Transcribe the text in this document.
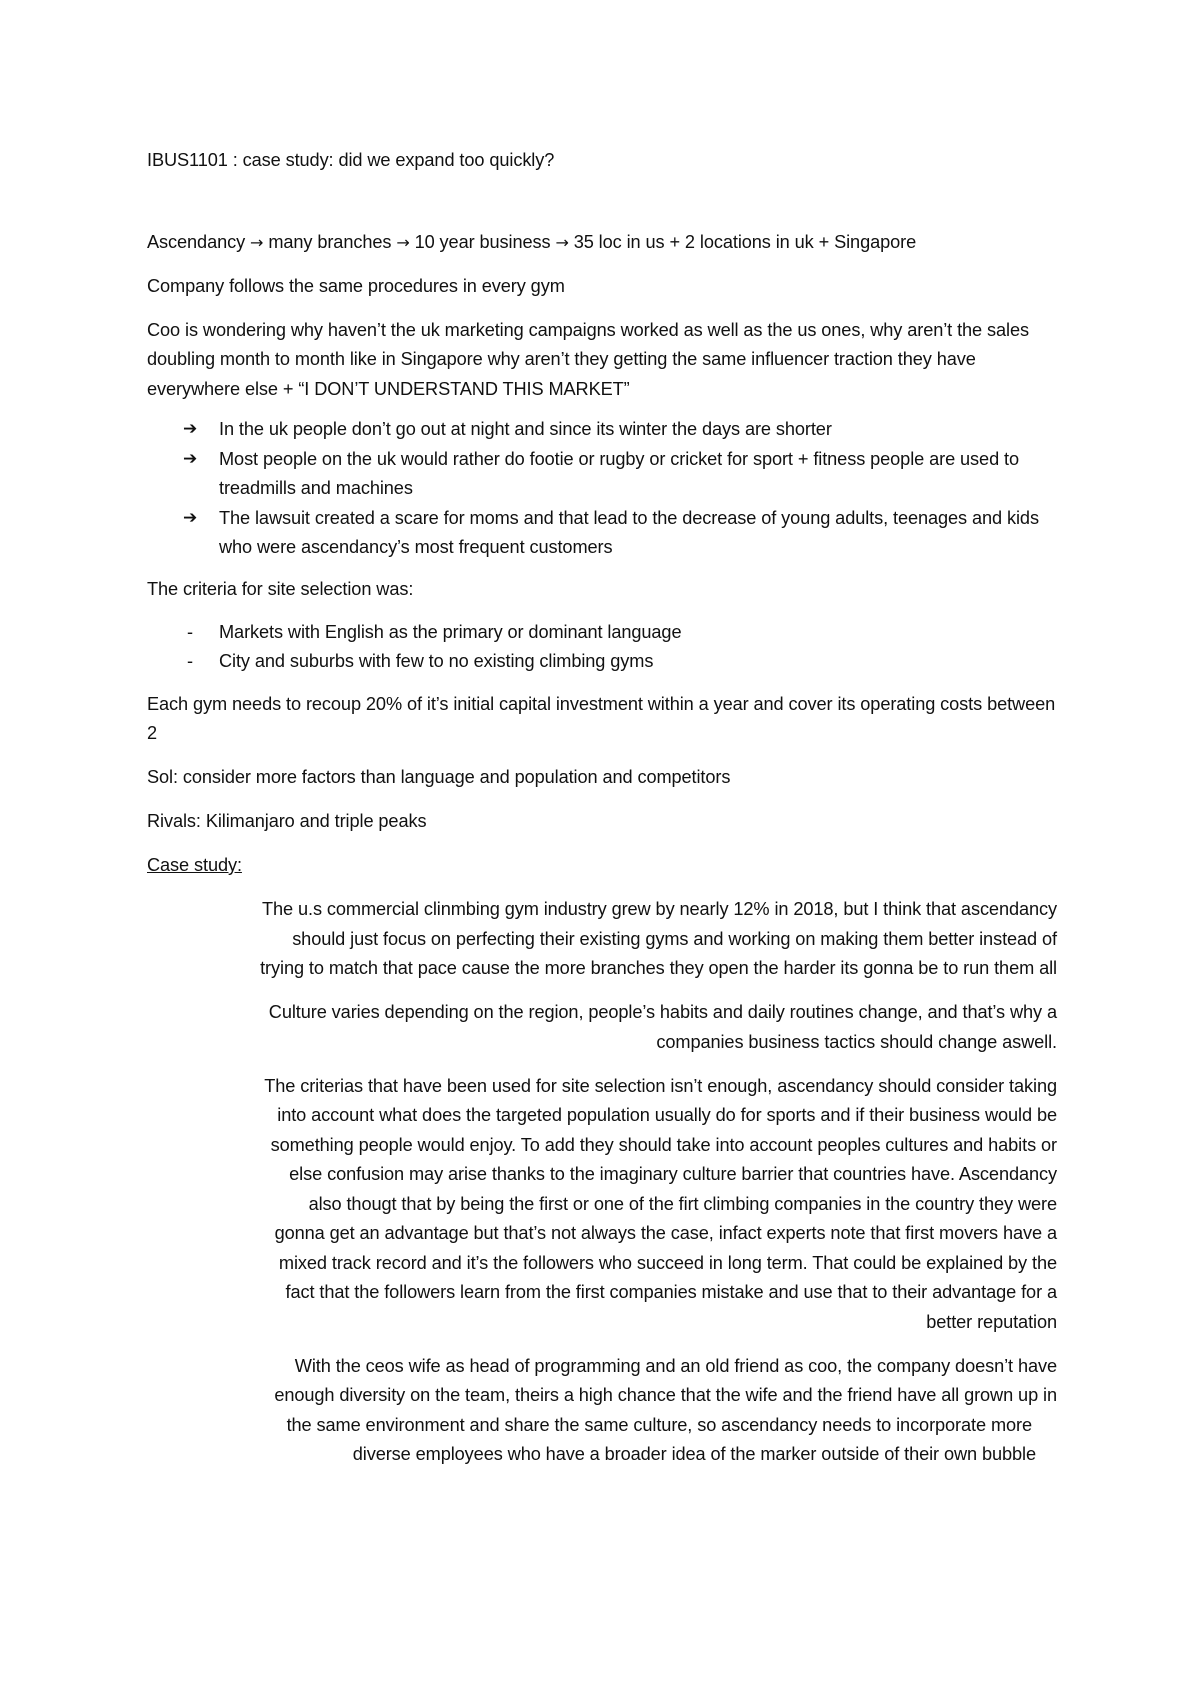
IBUS1101 : case study: did we expand too quickly?

Ascendancy → many branches → 10 year business → 35 loc in us + 2 locations in uk + Singapore

Company follows the same procedures in every gym

Coo is wondering why haven’t the uk marketing campaigns worked as well as the us ones, why aren’t the sales doubling month to month like in Singapore why aren’t they getting the same influencer traction they have everywhere else + “I DON’T UNDERSTAND THIS MARKET”

➔ In the uk people don’t go out at night and since its winter the days are shorter
➔ Most people on the uk would rather do footie or rugby or cricket for sport + fitness people are used to treadmills and machines
➔ The lawsuit created a scare for moms and that lead to the decrease of young adults, teenages and kids who were ascendancy’s most frequent customers

The criteria for site selection was:

- Markets with English as the primary or dominant language
- City and suburbs with few to no existing climbing gyms

Each gym needs to recoup 20% of it’s initial capital investment within a year and cover its operating costs between 2

Sol: consider more factors than language and population and competitors

Rivals: Kilimanjaro and triple peaks

Case study:

The u.s commercial clinmbing gym industry grew by nearly 12% in 2018, but I think that ascendancy
should just focus on perfecting their existing gyms and working on making them better instead of
trying to match that pace cause the more branches they open the harder its gonna be to run them all
Culture varies depending on the region, people’s habits and daily routines change, and that’s why a
companies business tactics should change aswell.
The criterias that have been used for site selection isn’t enough, ascendancy should consider taking
into account what does the targeted population usually do for sports and if their business would be
something people would enjoy. To add they should take into account peoples cultures and habits or
else confusion may arise thanks to the imaginary culture barrier that countries have. Ascendancy
also thougt that by being the first or one of the firt climbing companies in the country they were
gonna get an advantage but that’s not always the case, infact experts note that first movers have a
mixed track record and it’s the followers who succeed in long term. That could be explained by the
fact that the followers learn from the first companies mistake and use that to their advantage for a
better reputation
With the ceos wife as head of programming and an old friend as coo, the company doesn’t have
enough diversity on the team, theirs a high chance that the wife and the friend have all grown up in
the same environment and share the same culture, so ascendancy needs to incorporate more
diverse employees who have a broader idea of the marker outside of their own bubble
